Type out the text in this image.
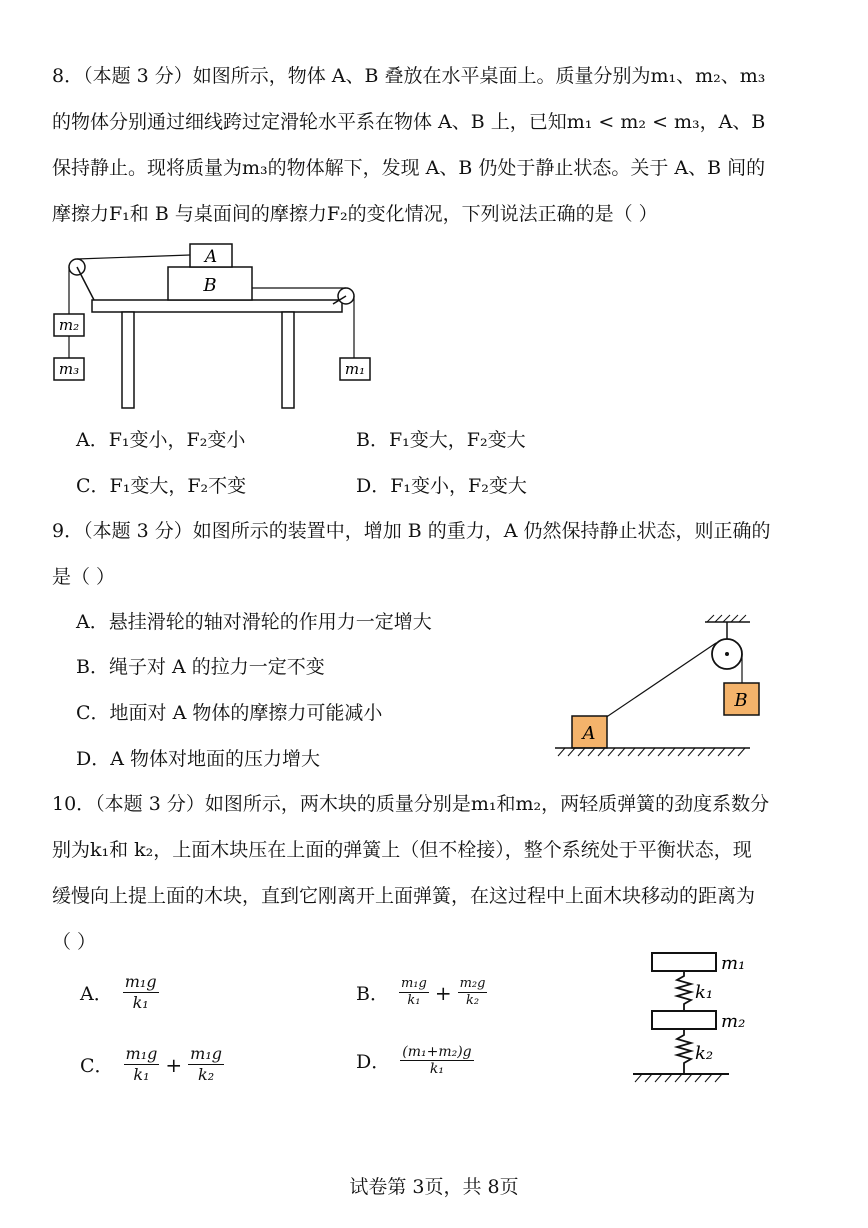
8．（本题 3 分）如图所示，物体 A、B 叠放在水平桌面上。质量分别为m₁、m₂、m₃
的物体分别通过细线跨过定滑轮水平系在物体 A、B 上，已知m₁ < m₂ < m₃，A、B
保持静止。现将质量为m₃的物体解下，发现 A、B 仍处于静止状态。关于 A、B 间的
摩擦力F₁和 B 与桌面间的摩擦力F₂的变化情况，下列说法正确的是（ ）
A
B
m₂
m₃	m₁
A．F₁变小，F₂变小	B．F₁变大，F₂变大
C．F₁变大，F₂不变	D．F₁变小，F₂变大
9．（本题 3 分）如图所示的装置中，增加 B 的重力，A 仍然保持静止状态，则正确的
是（ ）
A．悬挂滑轮的轴对滑轮的作用力一定增大
B．绳子对 A 的拉力一定不变
C．地面对 A 物体的摩擦力可能减小
D．A 物体对地面的压力增大
B
A
10．（本题 3 分）如图所示，两木块的质量分别是m₁和m₂，两轻质弹簧的劲度系数分
别为k₁和 k₂，上面木块压在上面的弹簧上（但不栓接），整个系统处于平衡状态，现
缓慢向上提上面的木块，直到它刚离开上面弹簧，在这过程中上面木块移动的距离为
（ ）
A． $\frac{\text{m₁g}}{\text{k₁}}$	B． $\frac{\text{m₁g}}{\text{k₁}} + \frac{\text{m₂g}}{\text{k₂}}$
C． $\frac{\text{m₁g}}{\text{k₁}} + \frac{\text{m₁g}}{\text{k₂}}$	D． $\frac{\text{(m₁+m₂)g}}{\text{k₁}}$
m₁
k₁
m₂
k₂
试卷第 3页，共 8页
